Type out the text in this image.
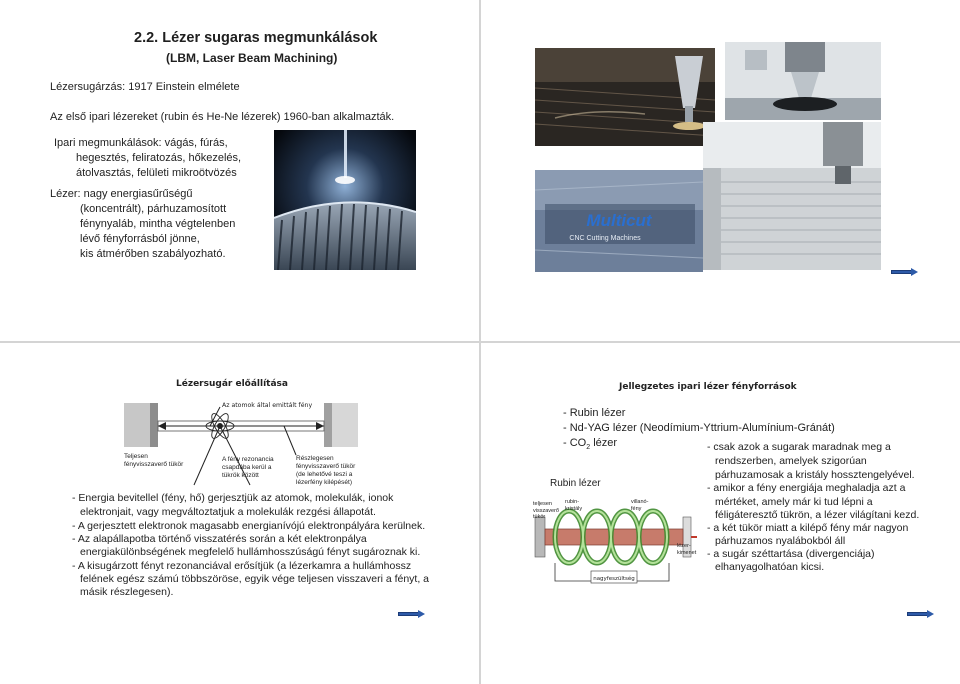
2.2. Lézer sugaras megmunkálások
(LBM, Laser Beam Machining)
Lézersugárzás: 1917 Einstein elmélete
Az első ipari lézereket (rubin és He-Ne lézerek) 1960-ban alkalmazták.
Ipari megmunkálások: vágás, fúrás,
hegesztés, feliratozás, hőkezelés,
átolvasztás, felületi mikroötvözés
Lézer: nagy energiasűrűségű
(koncentrált), párhuzamosított
fénynyaláb, mintha végtelenben
lévő fényforrásból jönne,
kis átmérőben szabályozható.
Multicut
CNC Cutting Machines
Lézersugár előállítása
Az atomok által emittált fény
Teljesen
fényvisszaverő tükör
A fény rezonancia
csapdába kerül a
tükrök között
Részlegesen
fényvisszaverő tükör
(de lehetővé teszi a
lézerfény kilépését)
- Energia bevitellel (fény, hő) gerjesztjük az atomok, molekulák, ionok
elektronjait, vagy megváltoztatjuk a molekulák rezgési állapotát.
- A gerjesztett elektronok magasabb energianívójú elektronpályára kerülnek.
- Az alapállapotba történő visszatérés során a két elektronpálya
energiakülönbségének megfelelő hullámhosszúságú fényt sugároznak ki.
- A kisugárzott fényt rezonanciával erősítjük (a lézerkamra a hullámhossz
felének egész számú többszöröse, egyik vége teljesen visszaveri a fényt, a
másik részlegesen).
Jellegzetes ipari lézer fényforrások
- Rubin lézer
- Nd-YAG lézer (Neodímium-Yttrium-Alumínium-Gránát)
- $CO_2$ lézer
Rubin lézer
nagyfeszültség
teljesen
visszaverő
tükör
rubin-
kristály
villanó-
fény
lézer-
kimenet
- csak azok a sugarak maradnak meg a
rendszerben, amelyek szigorúan
párhuzamosak a kristály hossztengelyével.
- amikor a fény energiája meghaladja azt a
mértéket, amely már ki tud lépni a
féligáteresztő tükrön, a lézer világítani kezd.
- a két tükör miatt a kilépő fény már nagyon
párhuzamos nyalábokból áll
- a sugár széttartása (divergenciája)
elhanyagolhatóan kicsi.
